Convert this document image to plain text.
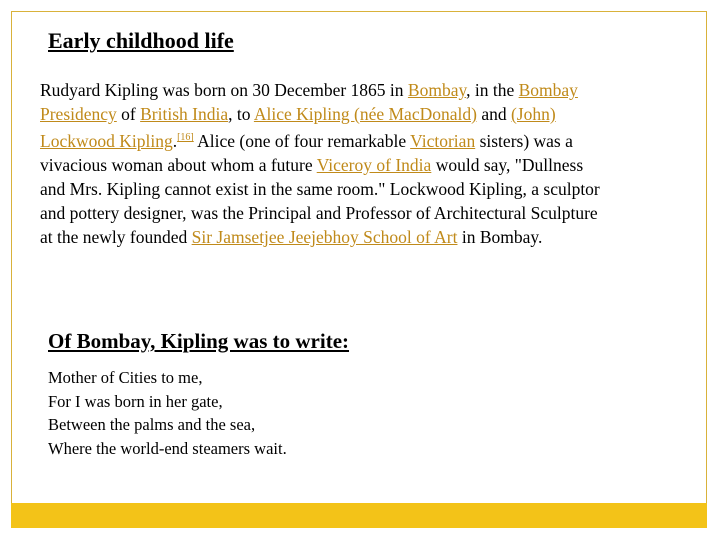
Early childhood life

Rudyard Kipling was born on 30 December 1865 in Bombay, in the Bombay Presidency of British India, to Alice Kipling (née MacDonald) and (John) Lockwood Kipling.[16] Alice (one of four remarkable Victorian sisters) was a vivacious woman about whom a future Viceroy of India would say, "Dullness and Mrs. Kipling cannot exist in the same room." Lockwood Kipling, a sculptor and pottery designer, was the Principal and Professor of Architectural Sculpture at the newly founded Sir Jamsetjee Jeejebhoy School of Art in Bombay.

Of Bombay, Kipling was to write:
Mother of Cities to me,
For I was born in her gate,
Between the palms and the sea,
Where the world-end steamers wait.
